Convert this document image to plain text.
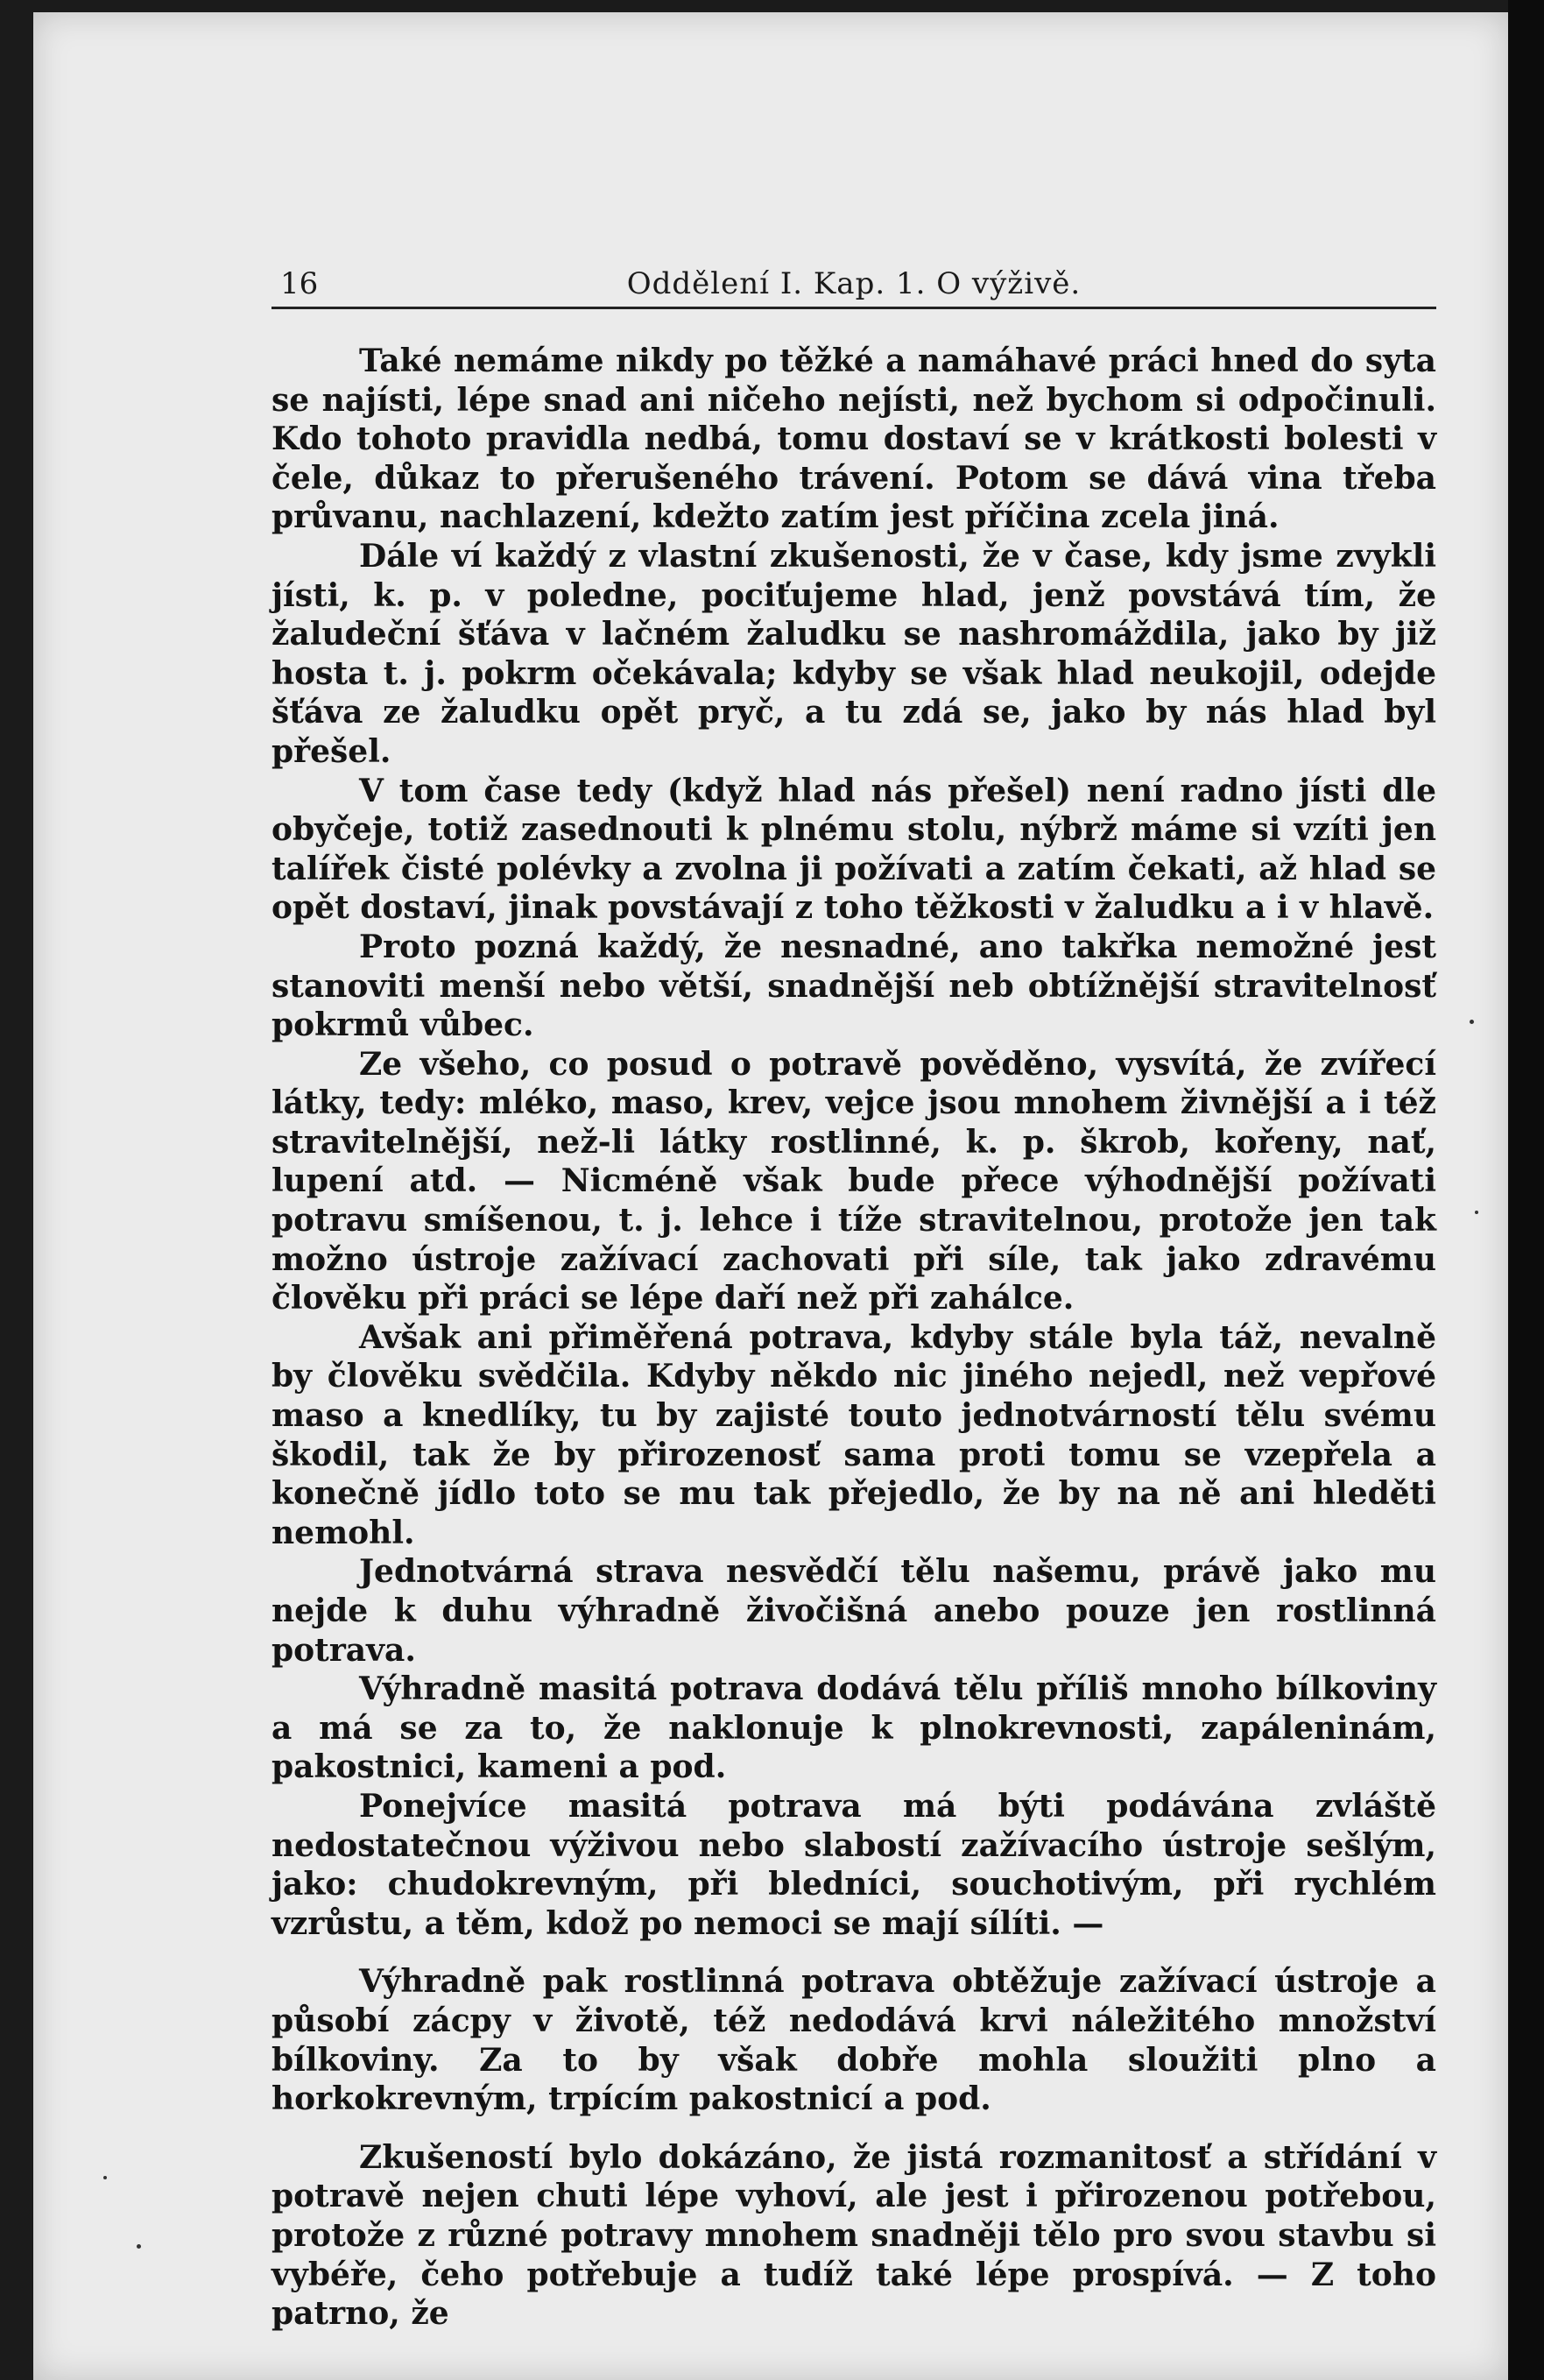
16	Oddělení I. Kap. 1. O výživě.

Také nemáme nikdy po těžké a namáhavé práci hned do syta se najísti, lépe snad ani ničeho nejísti, než bychom si odpočinuli. Kdo tohoto pravidla nedbá, tomu dostaví se v krátkosti bolesti v čele, důkaz to přerušeného trávení. Potom se dává vina třeba průvanu, nachlazení, kdežto zatím jest příčina zcela jiná.

Dále ví každý z vlastní zkušenosti, že v čase, kdy jsme zvykli jísti, k. p. v poledne, pociťujeme hlad, jenž povstává tím, že žaludeční šťáva v lačném žaludku se nashromáždila, jako by již hosta t. j. pokrm očekávala; kdyby se však hlad neukojil, odejde šťáva ze žaludku opět pryč, a tu zdá se, jako by nás hlad byl přešel.

V tom čase tedy (když hlad nás přešel) není radno jísti dle obyčeje, totiž zasednouti k plnému stolu, nýbrž máme si vzíti jen talířek čisté polévky a zvolna ji požívati a zatím čekati, až hlad se opět dostaví, jinak povstávají z toho těžkosti v žaludku a i v hlavě.

Proto pozná každý, že nesnadné, ano takřka nemožné jest stanoviti menší nebo větší, snadnější neb obtížnější stravitelnosť pokrmů vůbec.

Ze všeho, co posud o potravě pověděno, vysvítá, že zvířecí látky, tedy: mléko, maso, krev, vejce jsou mnohem živnější a i též stravitelnější, než-li látky rostlinné, k. p. škrob, kořeny, nať, lupení atd. — Nicméně však bude přece výhodnější požívati potravu smíšenou, t. j. lehce i tíže stravitelnou, protože jen tak možno ústroje zažívací zachovati při síle, tak jako zdravému člověku při práci se lépe daří než při zahálce.

Avšak ani přiměřená potrava, kdyby stále byla táž, nevalně by člověku svědčila. Kdyby někdo nic jiného nejedl, než vepřové maso a knedlíky, tu by zajisté touto jednotvárností tělu svému škodil, tak že by přirozenosť sama proti tomu se vzepřela a konečně jídlo toto se mu tak přejedlo, že by na ně ani hleděti nemohl.

Jednotvárná strava nesvědčí tělu našemu, právě jako mu nejde k duhu výhradně živočišná anebo pouze jen rostlinná potrava.

Výhradně masitá potrava dodává tělu příliš mnoho bílkoviny a má se za to, že naklonuje k plnokrevnosti, zapáleninám, pakostnici, kameni a pod.

Ponejvíce masitá potrava má býti podávána zvláště nedostatečnou výživou nebo slabostí zažívacího ústroje sešlým, jako: chudokrevným, při bledníci, souchotivým, při rychlém vzrůstu, a těm, kdož po nemoci se mají sílíti. —

Výhradně pak rostlinná potrava obtěžuje zažívací ústroje a působí zácpy v životě, též nedodává krvi náležitého množství bílkoviny. Za to by však dobře mohla sloužiti plno a horkokrevným, trpícím pakostnicí a pod.

Zkušeností bylo dokázáno, že jistá rozmanitosť a střídání v potravě nejen chuti lépe vyhoví, ale jest i přirozenou potřebou, protože z různé potravy mnohem snadněji tělo pro svou stavbu si vybéře, čeho potřebuje a tudíž také lépe prospívá. — Z toho patrno, že
